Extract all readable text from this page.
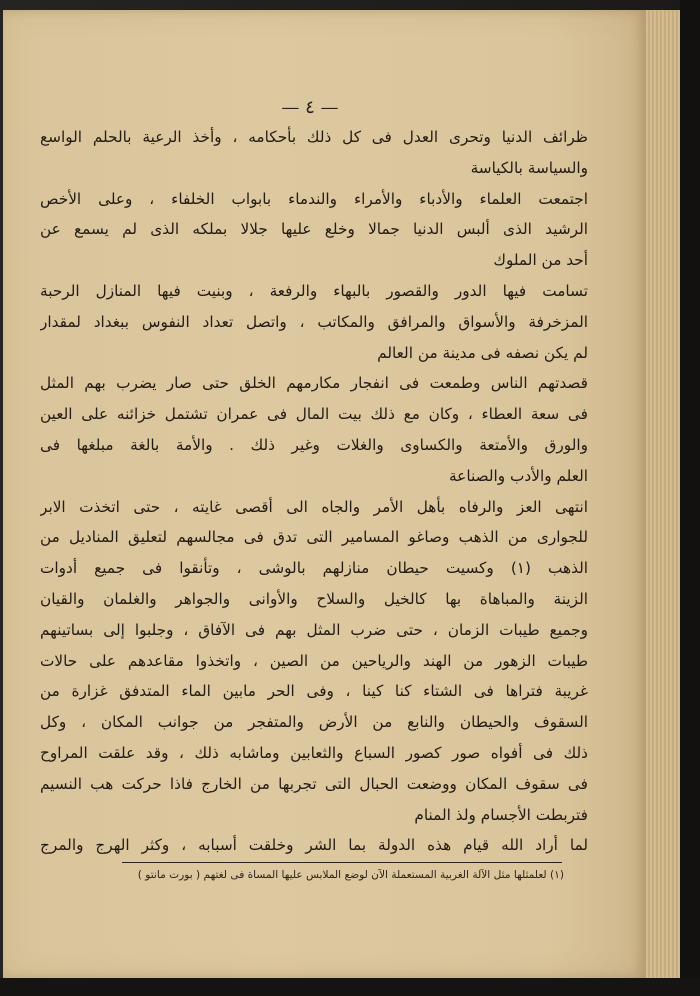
— ٤ —
ظرائف الدنيا وتحرى العدل فى كل ذلك بأحكامه ، وأخذ الرعية بالحلم الواسع
والسياسة بالكياسة
اجتمعت العلماء والأدباء والأمراء والندماء بابواب الخلفاء ، وعلى الأخص
الرشيد الذى ألبس الدنيا جمالا وخلع عليها جلالا بملكه الذى لم يسمع عن
أحد من الملوك
تسامت فيها الدور والقصور بالبهاء والرفعة ، وبنيت فيها المنازل الرحبة
المزخرفة والأسواق والمرافق والمكاتب ، واتصل تعداد النفوس ببغداد لمقدار
لم يكن نصفه فى مدينة من العالم
قصدتهم الناس وطمعت فى انفجار مكارمهم الخلق حتى صار يضرب بهم المثل
فى سعة العطاء ، وكان مع ذلك بيت المال فى عمران تشتمل خزائنه على العين
والورق والأمتعة والكساوى والغلات وغير ذلك . والأمة بالغة مبلغها فى
العلم والأدب والصناعة
انتهى العز والرفاه بأهل الأمر والجاه الى أقصى غايته ، حتى اتخذت الابر
للجوارى من الذهب وصاغو المسامير التى تدق فى مجالسهم لتعليق المناديل من
الذهب (١) وكسيت حيطان منازلهم بالوشى ، وتأنقوا فى جميع أدوات
الزينة والمباهاة بها كالخيل والسلاح والأوانى والجواهر والغلمان والقيان
وجميع طيبات الزمان ، حتى ضرب المثل بهم فى الآفاق ، وجلبوا إلى بساتينهم
طيبات الزهور من الهند والرياحين من الصين ، واتخذوا مقاعدهم على حالات
غريبة فتراها فى الشتاء كنا كينا ، وفى الحر مابين الماء المتدفق غزارة من
السقوف والحيطان والنابع من الأرض والمتفجر من جوانب المكان ، وكل
ذلك فى أفواه صور كصور السباع والثعابين وماشابه ذلك ، وقد علقت المراوح
فى سقوف المكان ووضعت الحبال التى تجربها من الخارج فاذا حركت هب النسيم
فتربطت الأجسام ولذ المنام
لما أراد الله قيام هذه الدولة بما الشر وخلقت أسبابه ، وكثر الهرج والمرج
(١) لعلمثلها مثل الآلة الغربية المستعملة الآن لوضع الملابس عليها المساة فى لغتهم ( بورت مانتو )
